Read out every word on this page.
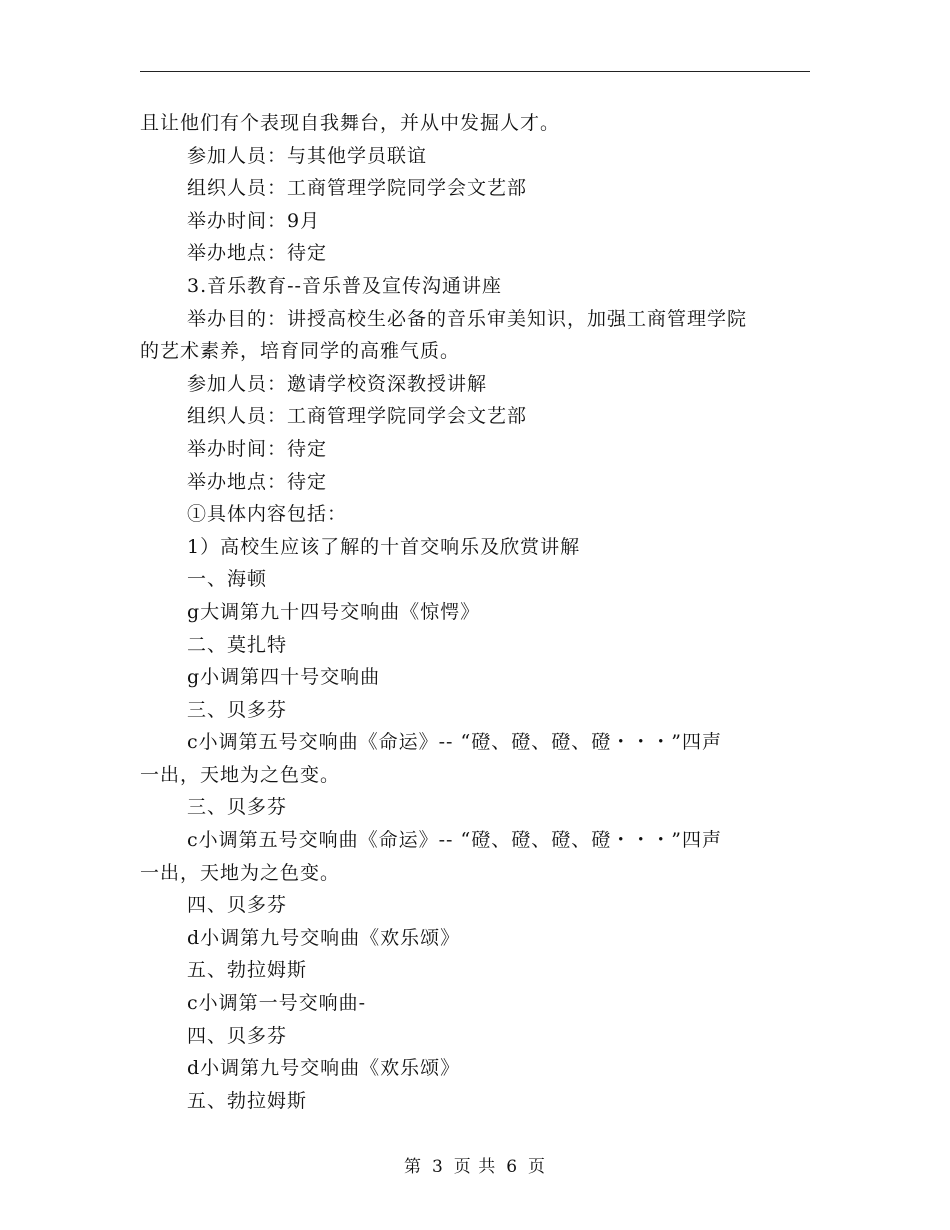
且让他们有个表现自我舞台，并从中发掘人才。
参加人员：与其他学员联谊
组织人员：工商管理学院同学会文艺部
举办时间：9月
举办地点：待定
3.音乐教育--音乐普及宣传沟通讲座
举办目的：讲授高校生必备的音乐审美知识，加强工商管理学院
的艺术素养，培育同学的高雅气质。
参加人员：邀请学校资深教授讲解
组织人员：工商管理学院同学会文艺部
举办时间：待定
举办地点：待定
①具体内容包括：
1）高校生应该了解的十首交响乐及欣赏讲解
一、海顿
g大调第九十四号交响曲《惊愕》
二、莫扎特
g小调第四十号交响曲
三、贝多芬
c小调第五号交响曲《命运》-- “磴、磴、磴、磴・・・”四声
一出，天地为之色变。
三、贝多芬
c小调第五号交响曲《命运》-- “磴、磴、磴、磴・・・”四声
一出，天地为之色变。
四、贝多芬
d小调第九号交响曲《欢乐颂》
五、勃拉姆斯
c小调第一号交响曲-
四、贝多芬
d小调第九号交响曲《欢乐颂》
五、勃拉姆斯
第 3 页 共 6 页
